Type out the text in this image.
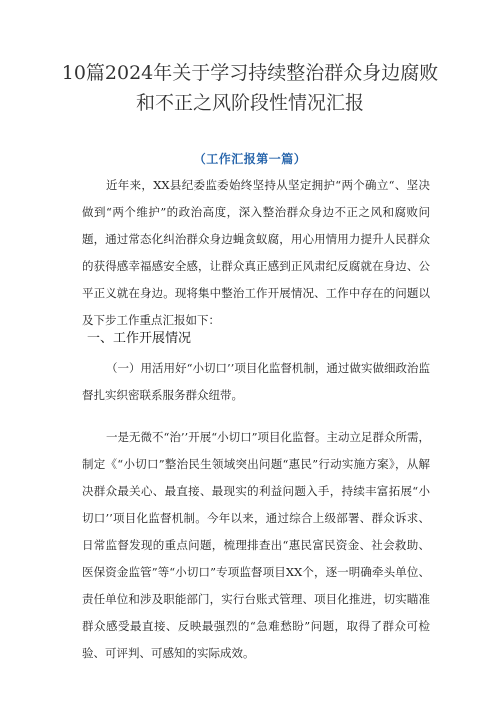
10篇2024年关于学习持续整治群众身边腐败和不正之风阶段性情况汇报
（工作汇报第一篇）

近年来，XX县纪委监委始终坚持从坚定拥护“两个确立“、坚决做到“两个维护”的政治高度，深入整治群众身边不正之风和腐败问题，通过常态化纠治群众身边蝇贪蚁腐，用心用情用力提升人民群众的获得感幸福感安全感，让群众真正感到正风肃纪反腐就在身边、公平正义就在身边。现将集中整治工作开展情况、工作中存在的问题以及下步工作重点汇报如下：

一、工作开展情况

（一）用活用好“小切口’’项目化监督机制，通过做实做细政治监督扎实织密联系服务群众纽带。

一是无微不“治’’开展“小切口”项目化监督。主动立足群众所需，制定《“小切口”整治民生领域突出问题“惠民”行动实施方案》，从解决群众最关心、最直接、最现实的利益问题入手，持续丰富拓展“小切口’’项目化监督机制。今年以来，通过综合上级部署、群众诉求、日常监督发现的重点问题，梳理排查出“惠民富民资金、社会救助、医保资金监管”等“小切口”专项监督项目XX个，逐一明确牵头单位、责任单位和涉及职能部门，实行台账式管理、项目化推进，切实瞄准群众感受最直接、反映最强烈的“急难愁盼”问题，取得了群众可检验、可评判、可感知的实际成效。
